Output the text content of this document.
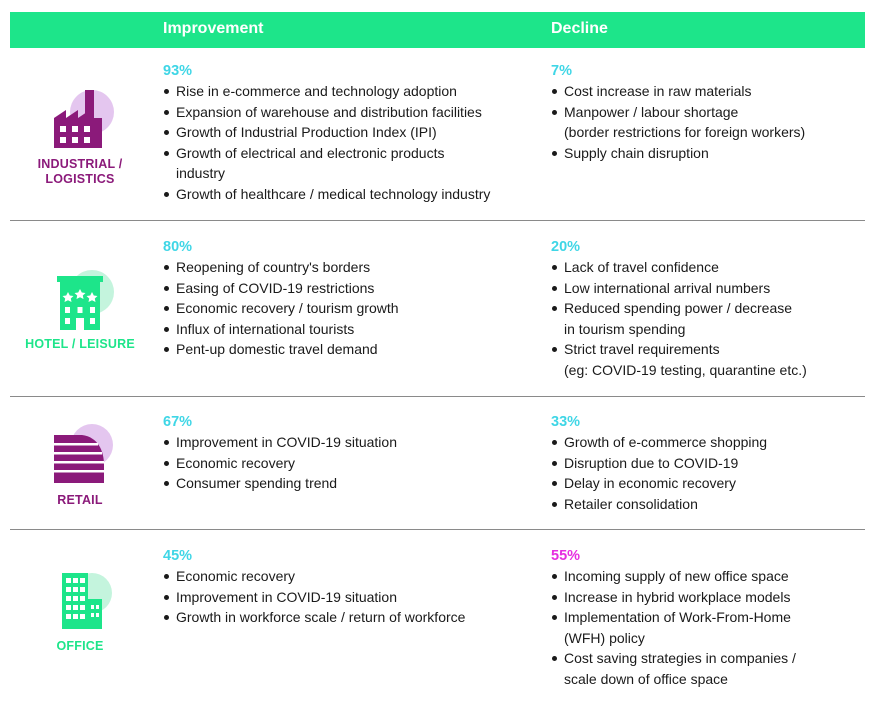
Improvement	Decline
INDUSTRIAL /
LOGISTICS
93%
Rise in e-commerce and technology adoption
Expansion of warehouse and distribution facilities
Growth of Industrial Production Index (IPI)
Growth of electrical and electronic products
industry
Growth of healthcare / medical technology industry
7%
Cost increase in raw materials
Manpower / labour shortage
(border restrictions for foreign workers)
Supply chain disruption
HOTEL / LEISURE
80%
Reopening of country's borders
Easing of COVID-19 restrictions
Economic recovery / tourism growth
Influx of international tourists
Pent-up domestic travel demand
20%
Lack of travel confidence
Low international arrival numbers
Reduced spending power / decrease
in tourism spending
Strict travel requirements
(eg: COVID-19 testing, quarantine etc.)
RETAIL
67%
Improvement in COVID-19 situation
Economic recovery
Consumer spending trend
33%
Growth of e-commerce shopping
Disruption due to COVID-19
Delay in economic recovery
Retailer consolidation
OFFICE
45%
Economic recovery
Improvement in COVID-19 situation
Growth in workforce scale / return of workforce
55%
Incoming supply of new office space
Increase in hybrid workplace models
Implementation of Work-From-Home
(WFH) policy
Cost saving strategies in companies /
scale down of office space
